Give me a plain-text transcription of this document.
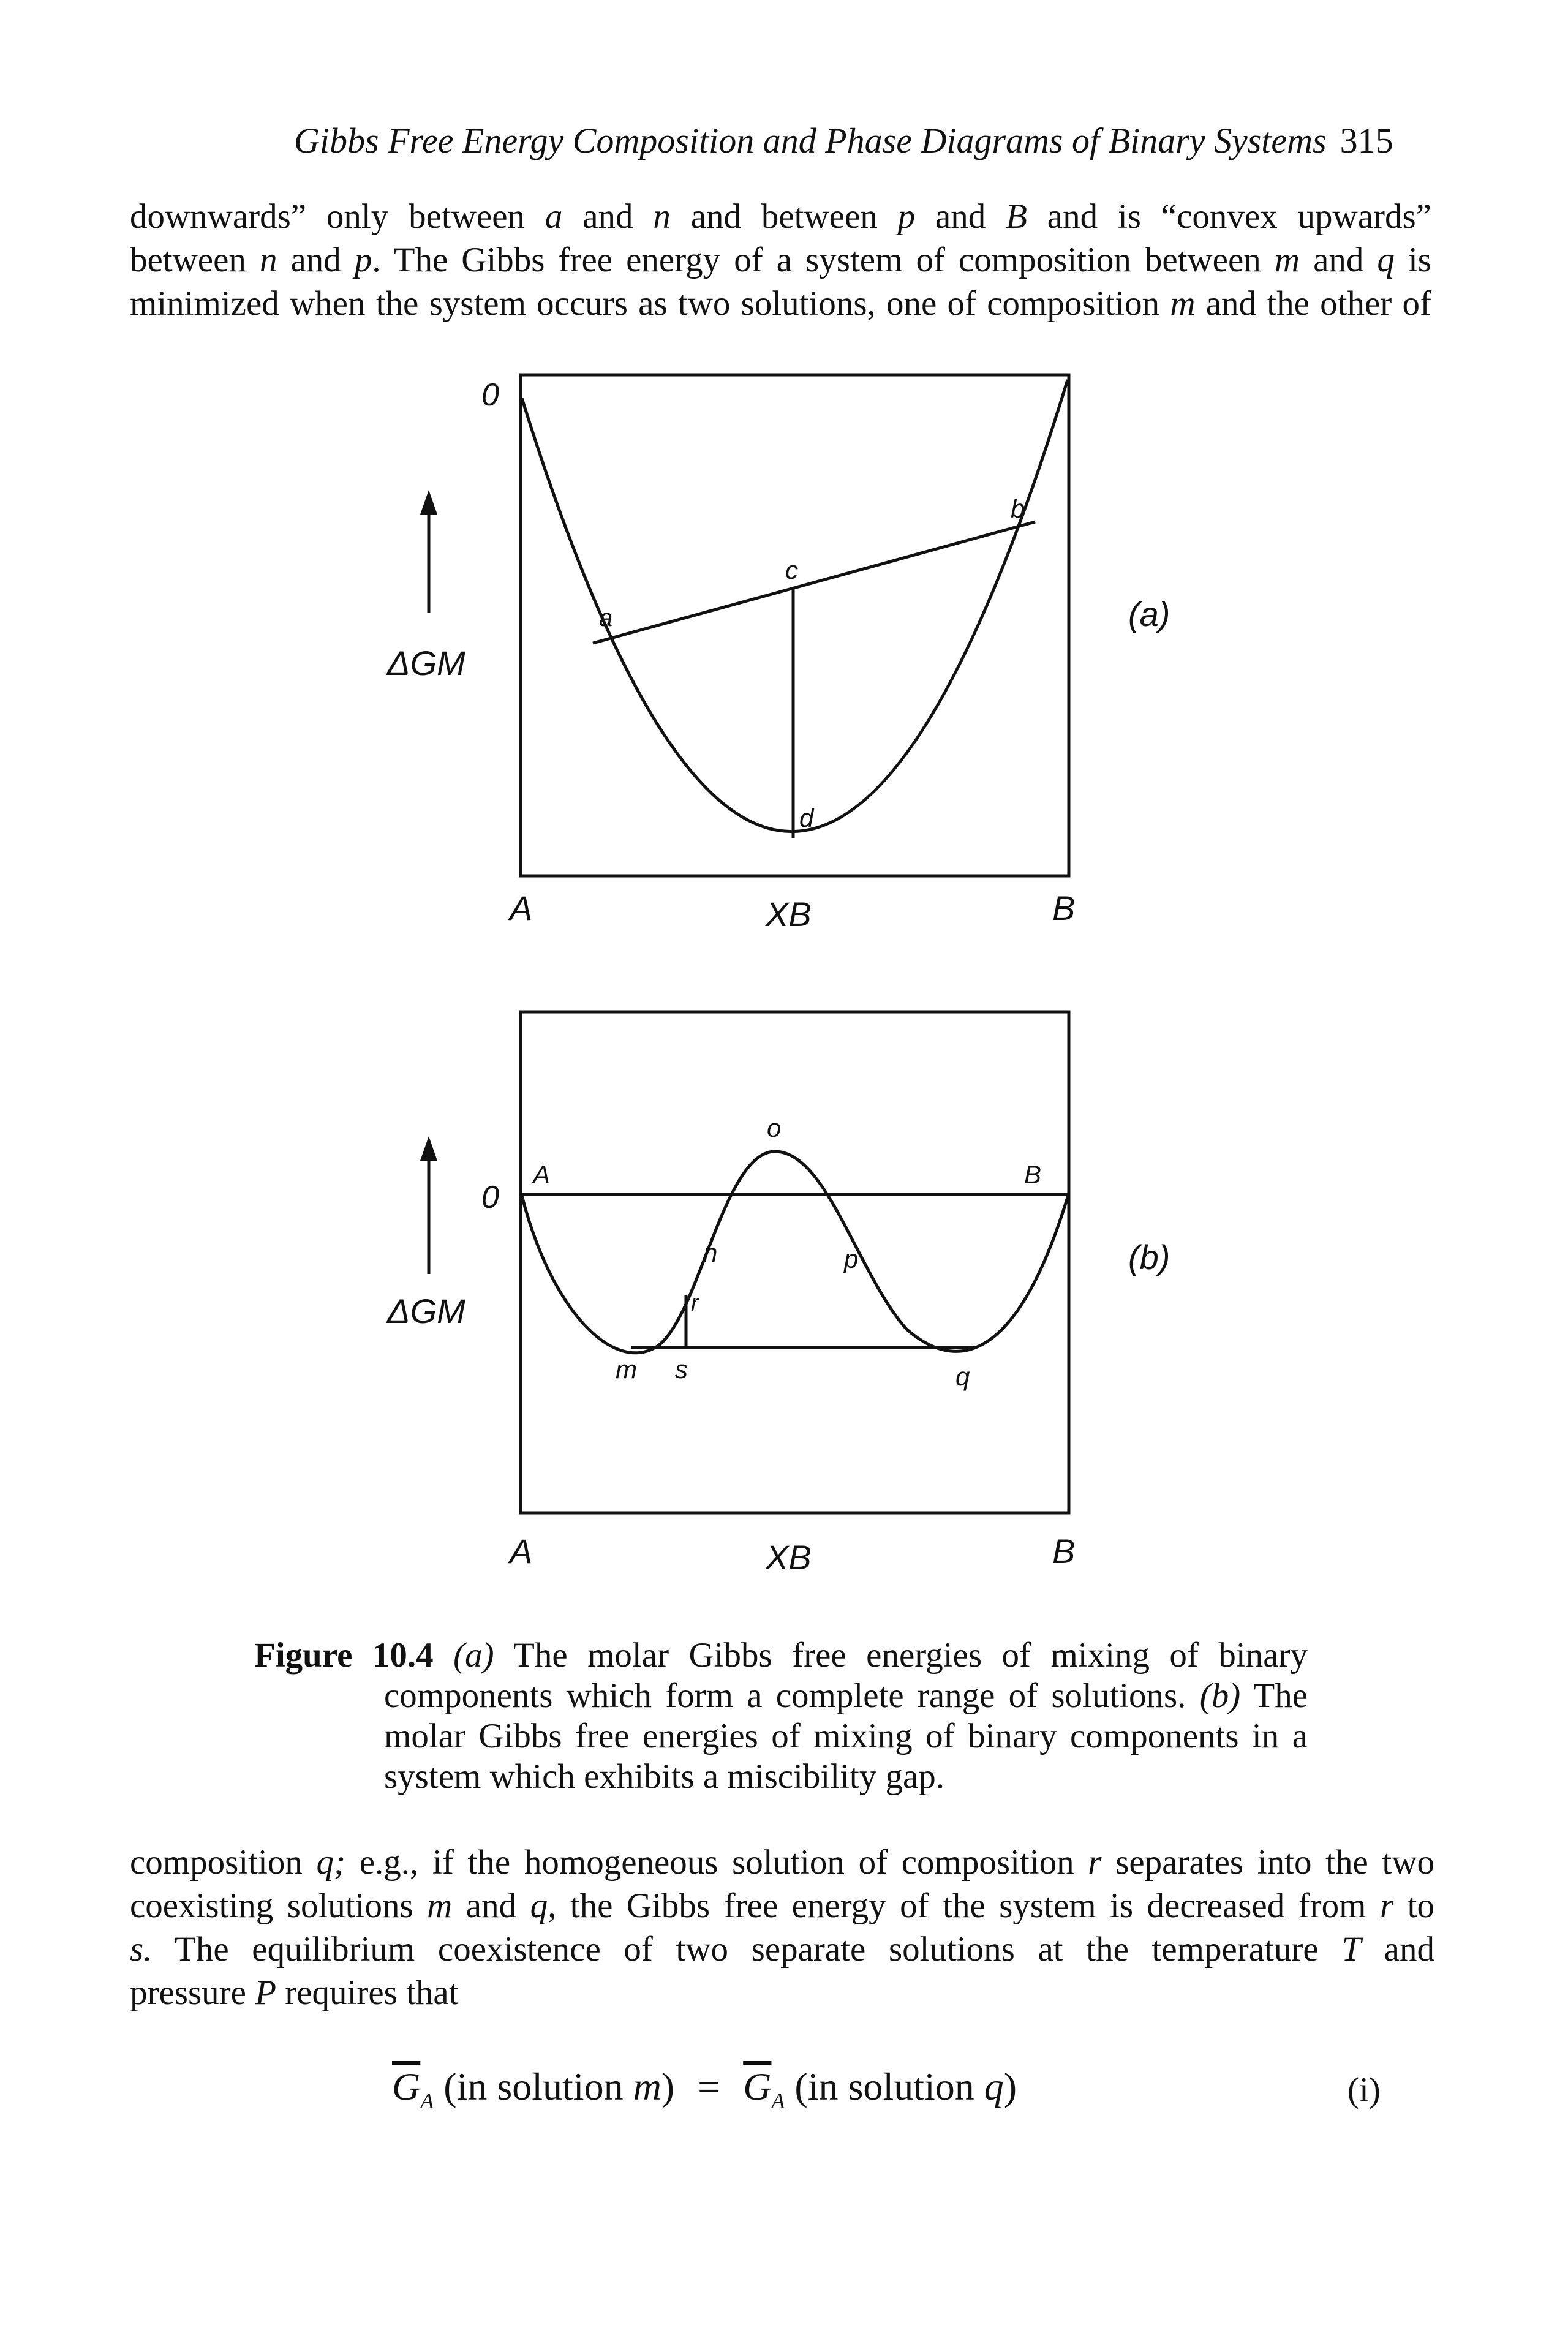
Gibbs Free Energy Composition and Phase Diagrams of Binary Systems 315

downwards” only between a and n and between p and B and is “convex upwards”
between n and p. The Gibbs free energy of a system of composition between m and q is
minimized when the system occurs as two solutions, one of composition m and the other of

0
ΔGM
a
b
c
d
(a)
A	XB	B
0
ΔGM
A	B
o
n	p
r
m s	q
(b)
A	XB	B
Figure 10.4 (a) The molar Gibbs free energies of mixing of binary
components which form a complete range of solutions. (b) The
molar Gibbs free energies of mixing of binary components in a
system which exhibits a miscibility gap.

composition q; e.g., if the homogeneous solution of composition r separates into the two
coexisting solutions m and q, the Gibbs free energy of the system is decreased from r to
s. The equilibrium coexistence of two separate solutions at the temperature T and
pressure P requires that

$\overline{G}_A$ (in solution $m) = \overline{G}_A$ (in solution q)	(i)
